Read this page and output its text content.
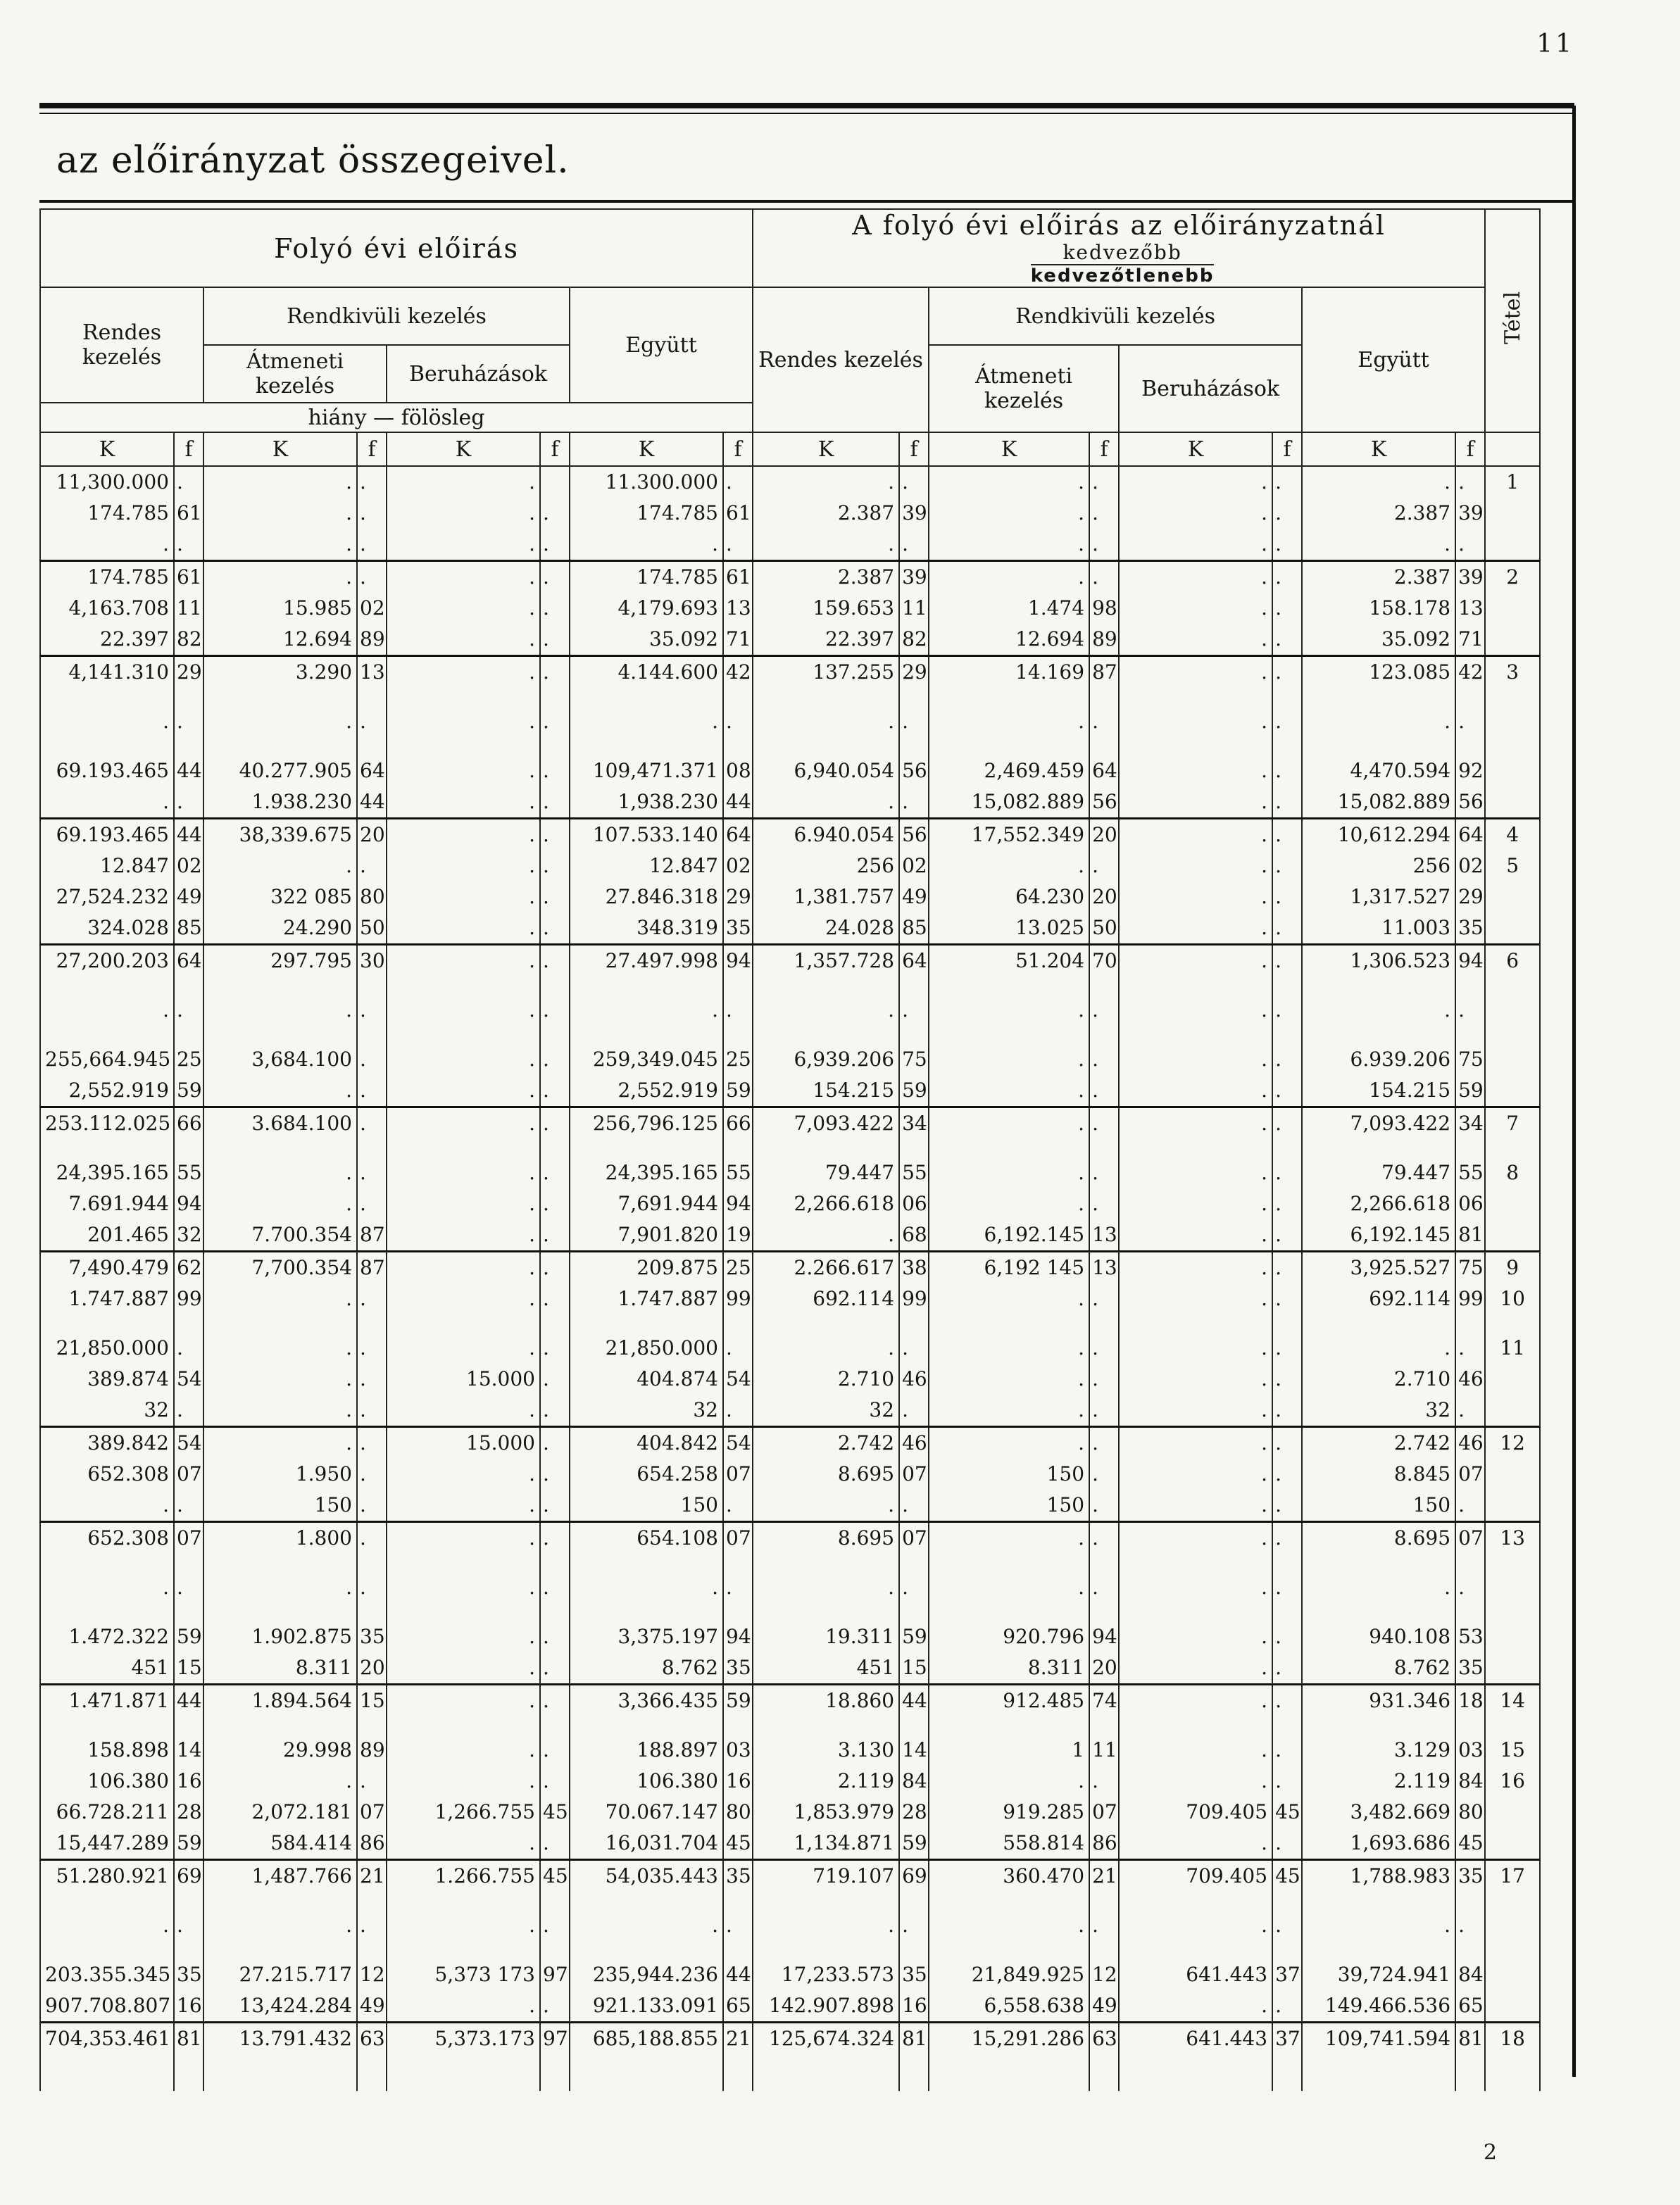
11
az előirányzat összegeivel.
Folyó évi előirás								A folyó évi előirás az előirányzatnál
kedvezőbb
kedvezőtlenebb								Tétel
Rendes kezelés		Rendkivüli kezelés				Együtt		Rendes kezelés		Rendkivüli kezelés				Együtt		
		Átmeneti kezelés		Beruházások						Átmeneti kezelés		Beruházások				
hiány — fölösleg																
K	f	K	f	K	f	K	f	K	f	K	f	K	f	K	f	
11,300.000	.	.	.	.		11.300.000	.	.	.	.	.	.	.	.	.	1
174.785	61	.	.	.	.	174.785	61	2.387	39	.	.	.	.	2.387	39	
.	.	.	.	.	.	.	.	.	.	.	.	.	.	.	.	
174.785	61	.	.	.	.	174.785	61	2.387	39	.	.	.	.	2.387	39	2
4,163.708	11	15.985	02	.	.	4,179.693	13	159.653	11	1.474	98	.	.	158.178	13	
22.397	82	12.694	89	.	.	35.092	71	22.397	82	12.694	89	.	.	35.092	71	
4,141.310	29	3.290	13	.	.	4.144.600	42	137.255	29	14.169	87	.	.	123.085	42	3

.	.	.	.	.	.	.	.	.	.	.	.	.	.	.	.	

69.193.465	44	40.277.905	64	.	.	109,471.371	08	6,940.054	56	2,469.459	64	.	.	4,470.594	92	
.	.	1.938.230	44	.	.	1,938.230	44	.	.	15,082.889	56	.	.	15,082.889	56	
69.193.465	44	38,339.675	20	.	.	107.533.140	64	6.940.054	56	17,552.349	20	.	.	10,612.294	64	4
12.847	02	.	.	.	.	12.847	02	256	02	.	.	.	.	256	02	5
27,524.232	49	322 085	80	.	.	27.846.318	29	1,381.757	49	64.230	20	.	.	1,317.527	29	
324.028	85	24.290	50	.	.	348.319	35	24.028	85	13.025	50	.	.	11.003	35	
27,200.203	64	297.795	30	.	.	27.497.998	94	1,357.728	64	51.204	70	.	.	1,306.523	94	6

.	.	.	.	.	.	.	.	.	.	.	.	.	.	.	.	

255,664.945	25	3,684.100	.	.	.	259,349.045	25	6,939.206	75	.	.	.	.	6.939.206	75	
2,552.919	59	.	.	.	.	2,552.919	59	154.215	59	.	.	.	.	154.215	59	
253.112.025	66	3.684.100	.	.	.	256,796.125	66	7,093.422	34	.	.	.	.	7,093.422	34	7

24,395.165	55	.	.	.	.	24,395.165	55	79.447	55	.	.	.	.	79.447	55	8
7.691.944	94	.	.	.	.	7,691.944	94	2,266.618	06	.	.	.	.	2,266.618	06	
201.465	32	7.700.354	87	.	.	7,901.820	19	.	68	6,192.145	13	.	.	6,192.145	81	
7,490.479	62	7,700.354	87	.	.	209.875	25	2.266.617	38	6,192 145	13	.	.	3,925.527	75	9
1.747.887	99	.	.	.	.	1.747.887	99	692.114	99	.	.	.	.	692.114	99	10

21,850.000	.	.	.	.	.	21,850.000	.	.	.	.	.	.	.	.	.	11
389.874	54	.	.	15.000	.	404.874	54	2.710	46	.	.	.	.	2.710	46	
32	.	.	.	.	.	32	.	32	.	.	.	.	.	32	.	
389.842	54	.	.	15.000	.	404.842	54	2.742	46	.	.	.	.	2.742	46	12
652.308	07	1.950	.	.	.	654.258	07	8.695	07	150	.	.	.	8.845	07	
.	.	150	.	.	.	150	.	.	.	150	.	.	.	150	.	
652.308	07	1.800	.	.	.	654.108	07	8.695	07	.	.	.	.	8.695	07	13

.	.	.	.	.	.	.	.	.	.	.	.	.	.	.	.	

1.472.322	59	1.902.875	35	.	.	3,375.197	94	19.311	59	920.796	94	.	.	940.108	53	
451	15	8.311	20	.	.	8.762	35	451	15	8.311	20	.	.	8.762	35	
1.471.871	44	1.894.564	15	.	.	3,366.435	59	18.860	44	912.485	74	.	.	931.346	18	14

158.898	14	29.998	89	.	.	188.897	03	3.130	14	1	11	.	.	3.129	03	15
106.380	16	.	.	.	.	106.380	16	2.119	84	.	.	.	.	2.119	84	16
66.728.211	28	2,072.181	07	1,266.755	45	70.067.147	80	1,853.979	28	919.285	07	709.405	45	3,482.669	80	
15,447.289	59	584.414	86	.	.	16,031.704	45	1,134.871	59	558.814	86	.	.	1,693.686	45	
51.280.921	69	1,487.766	21	1.266.755	45	54,035.443	35	719.107	69	360.470	21	709.405	45	1,788.983	35	17

.	.	.	.	.	.	.	.	.	.	.	.	.	.	.	.	

203.355.345	35	27.215.717	12	5,373 173	97	235,944.236	44	17,233.573	35	21,849.925	12	641.443	37	39,724.941	84	
907.708.807	16	13,424.284	49	.	.	921.133.091	65	142.907.898	16	6,558.638	49	.	.	149.466.536	65	
704,353.461	81	13.791.432	63	5,373.173	97	685,188.855	21	125,674.324	81	15,291.286	63	641.443	37	109,741.594	81	18

2
